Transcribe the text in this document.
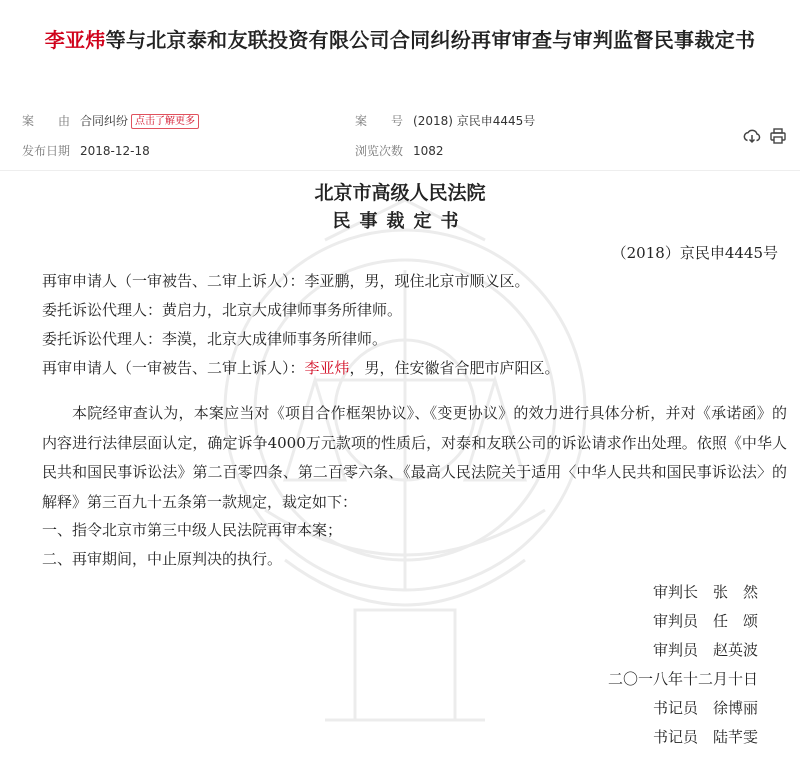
李亚炜等与北京泰和友联投资有限公司合同纠纷再审审查与审判监督民事裁定书
案　　由 合同纠纷 点击了解更多	案　　号 (2018) 京民申4445号
发布日期 2018-12-18	浏览次数 1082
北京市高级人民法院
民事裁定书
（2018）京民申4445号
再审申请人（一审被告、二审上诉人）：李亚鹏，男，现住北京市顺义区。
委托诉讼代理人：黄启力，北京大成律师事务所律师。
委托诉讼代理人：李漠，北京大成律师事务所律师。
再审申请人（一审被告、二审上诉人）：李亚炜，男，住安徽省合肥市庐阳区。
本院经审查认为，本案应当对《项目合作框架协议》、《变更协议》的效力进行具体分析，并对《承诺函》的内容进行法律层面认定，确定诉争4000万元款项的性质后，对泰和友联公司的诉讼请求作出处理。依照《中华人民共和国民事诉讼法》第二百零四条、第二百零六条、《最高人民法院关于适用〈中华人民共和国民事诉讼法〉的解释》第三百九十五条第一款规定，裁定如下：
一、指令北京市第三中级人民法院再审本案；
二、再审期间，中止原判决的执行。
审判长　张　然
审判员　任　颂
审判员　赵英波
二〇一八年十二月十日
书记员　徐博丽
书记员　陆芊雯
